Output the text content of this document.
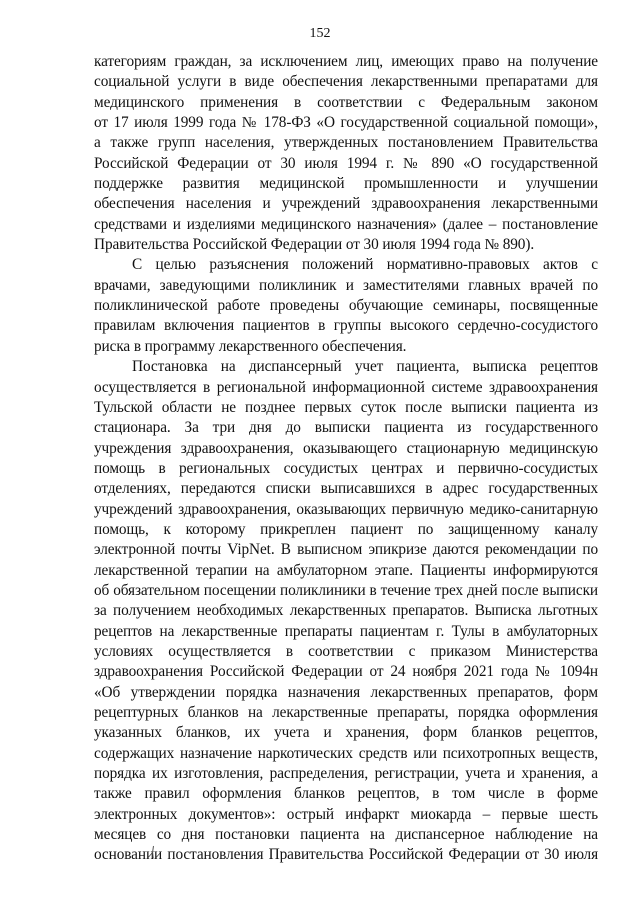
152

категориям граждан, за исключением лиц, имеющих право на получение
социальной услуги в виде обеспечения лекарственными препаратами для
медицинского применения в соответствии с Федеральным законом
от 17 июля 1999 года № 178-ФЗ «О государственной социальной помощи»,
а также групп населения, утвержденных постановлением Правительства
Российской Федерации от 30 июля 1994 г. № 890 «О государственной
поддержке развития медицинской промышленности и улучшении
обеспечения населения и учреждений здравоохранения лекарственными
средствами и изделиями медицинского назначения» (далее – постановление
Правительства Российской Федерации от 30 июля 1994 года № 890).

С целью разъяснения положений нормативно-правовых актов с
врачами, заведующими поликлиник и заместителями главных врачей по
поликлинической работе проведены обучающие семинары, посвященные
правилам включения пациентов в группы высокого сердечно-сосудистого
риска в программу лекарственного обеспечения.

Постановка на диспансерный учет пациента, выписка рецептов
осуществляется в региональной информационной системе здравоохранения
Тульской области не позднее первых суток после выписки пациента из
стационара. За три дня до выписки пациента из государственного
учреждения здравоохранения, оказывающего стационарную медицинскую
помощь в региональных сосудистых центрах и первично-сосудистых
отделениях, передаются списки выписавшихся в адрес государственных
учреждений здравоохранения, оказывающих первичную медико-санитарную
помощь, к которому прикреплен пациент по защищенному каналу
электронной почты VipNet. В выписном эпикризе даются рекомендации по
лекарственной терапии на амбулаторном этапе. Пациенты информируются
об обязательном посещении поликлиники в течение трех дней после выписки
за получением необходимых лекарственных препаратов. Выписка льготных
рецептов на лекарственные препараты пациентам г. Тулы в амбулаторных
условиях осуществляется в соответствии с приказом Министерства
здравоохранения Российской Федерации от 24 ноября 2021 года № 1094н
«Об утверждении порядка назначения лекарственных препаратов, форм
рецептурных бланков на лекарственные препараты, порядка оформления
указанных бланков, их учета и хранения, форм бланков рецептов,
содержащих назначение наркотических средств или психотропных веществ,
порядка их изготовления, распределения, регистрации, учета и хранения, а
также правил оформления бланков рецептов, в том числе в форме
электронных документов»: острый инфаркт миокарда – первые шесть
месяцев со дня постановки пациента на диспансерное наблюдение на
основании постановления Правительства Российской Федерации от 30 июля
